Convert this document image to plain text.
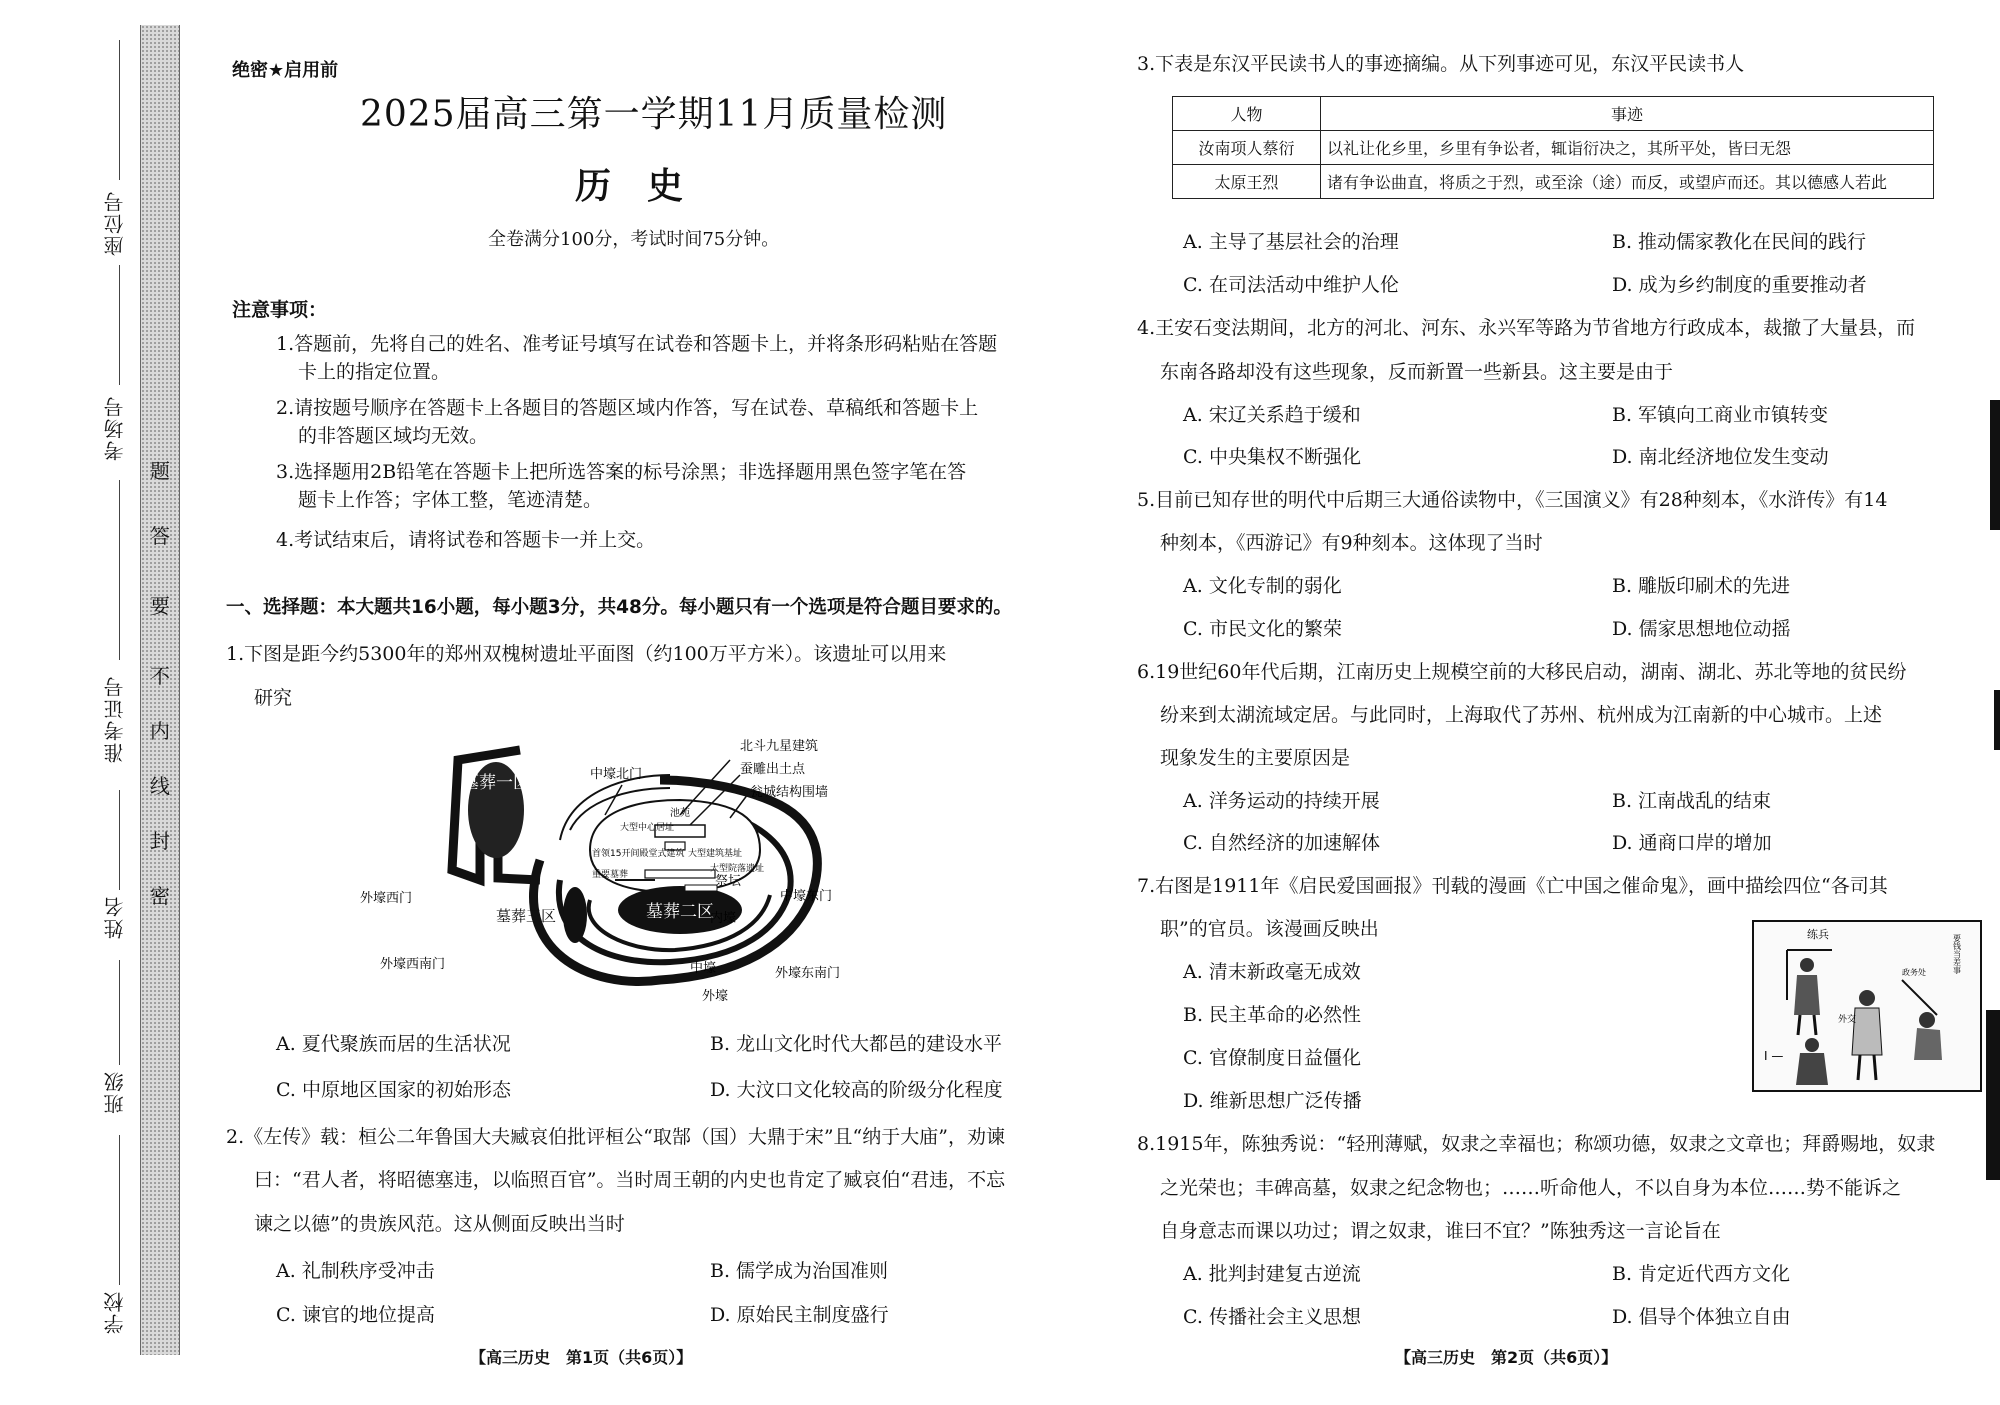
座位号
考场号
准考证号
姓名
班级
学校
密
封
线
内
不
要
答
题
绝密★启用前
2025届高三第一学期11月质量检测
历　史
全卷满分100分，考试时间75分钟。
注意事项：
1.答题前，先将自己的姓名、准考证号填写在试卷和答题卡上，并将条形码粘贴在答题
卡上的指定位置。
2.请按题号顺序在答题卡上各题目的答题区域内作答，写在试卷、草稿纸和答题卡上
的非答题区域均无效。
3.选择题用2B铅笔在答题卡上把所选答案的标号涂黑；非选择题用黑色签字笔在答
题卡上作答；字体工整，笔迹清楚。
4.考试结束后，请将试卷和答题卡一并上交。
一、选择题：本大题共16小题，每小题3分，共48分。每小题只有一个选项是符合题目要求的。
1.下图是距今约5300年的郑州双槐树遗址平面图（约100万平方米）。该遗址可以用来
研究
墓葬一区
墓葬二区
北斗九星建筑
蚕雕出土点
瓮城结构围墙
中壕北门
池苑
大型中心居址
大型建筑基址
大型院落遗址
首领15开间殿堂式建筑
重要墓葬	祭坛
外壕西门
外壕西南门
中壕东门
外壕东南门
内壕
中壕
外壕
墓葬三区
A. 夏代聚族而居的生活状况	B. 龙山文化时代大都邑的建设水平
C. 中原地区国家的初始形态	D. 大汶口文化较高的阶级分化程度
2.《左传》载：桓公二年鲁国大夫臧哀伯批评桓公“取郜（国）大鼎于宋”且“纳于大庙”，劝谏
曰：“君人者，将昭德塞违，以临照百官”。当时周王朝的内史也肯定了臧哀伯“君违，不忘
谏之以德”的贵族风范。这从侧面反映出当时
A. 礼制秩序受冲击	B. 儒学成为治国准则
C. 谏官的地位提高	D. 原始民主制度盛行
【高三历史　第1页（共6页）】
3.下表是东汉平民读书人的事迹摘编。从下列事迹可见，东汉平民读书人
人物	事迹
汝南项人蔡衍	以礼让化乡里，乡里有争讼者，辄诣衍决之，其所平处，皆曰无怨
太原王烈	诸有争讼曲直，将质之于烈，或至涂（途）而反，或望庐而还。其以德感人若此
A. 主导了基层社会的治理	B. 推动儒家教化在民间的践行
C. 在司法活动中维护人伦	D. 成为乡约制度的重要推动者
4.王安石变法期间，北方的河北、河东、永兴军等路为节省地方行政成本，裁撤了大量县，而
东南各路却没有这些现象，反而新置一些新县。这主要是由于
A. 宋辽关系趋于缓和	B. 军镇向工商业市镇转变
C. 中央集权不断强化	D. 南北经济地位发生变动
5.目前已知存世的明代中后期三大通俗读物中，《三国演义》有28种刻本，《水浒传》有14
种刻本，《西游记》有9种刻本。这体现了当时
A. 文化专制的弱化	B. 雕版印刷术的先进
C. 市民文化的繁荣	D. 儒家思想地位动摇
6.19世纪60年代后期，江南历史上规模空前的大移民启动，湖南、湖北、苏北等地的贫民纷
纷来到太湖流域定居。与此同时，上海取代了苏州、杭州成为江南新的中心城市。上述
现象发生的主要原因是
A. 洋务运动的持续开展	B. 江南战乱的结束
C. 自然经济的加速解体	D. 通商口岸的增加
7.右图是1911年《启民爱国画报》刊载的漫画《亡中国之催命鬼》，画中描绘四位“各司其
职”的官员。该漫画反映出
A. 清末新政毫无成效
B. 民主革命的必然性
C. 官僚制度日益僵化
D. 维新思想广泛传播
练兵	要钱当差事
外交
政务处
I —
8.1915年，陈独秀说：“轻刑薄赋，奴隶之幸福也；称颂功德，奴隶之文章也；拜爵赐地，奴隶
之光荣也；丰碑高墓，奴隶之纪念物也；……听命他人，不以自身为本位……势不能诉之
自身意志而课以功过；谓之奴隶，谁曰不宜？”陈独秀这一言论旨在
A. 批判封建复古逆流	B. 肯定近代西方文化
C. 传播社会主义思想	D. 倡导个体独立自由
【高三历史　第2页（共6页）】
